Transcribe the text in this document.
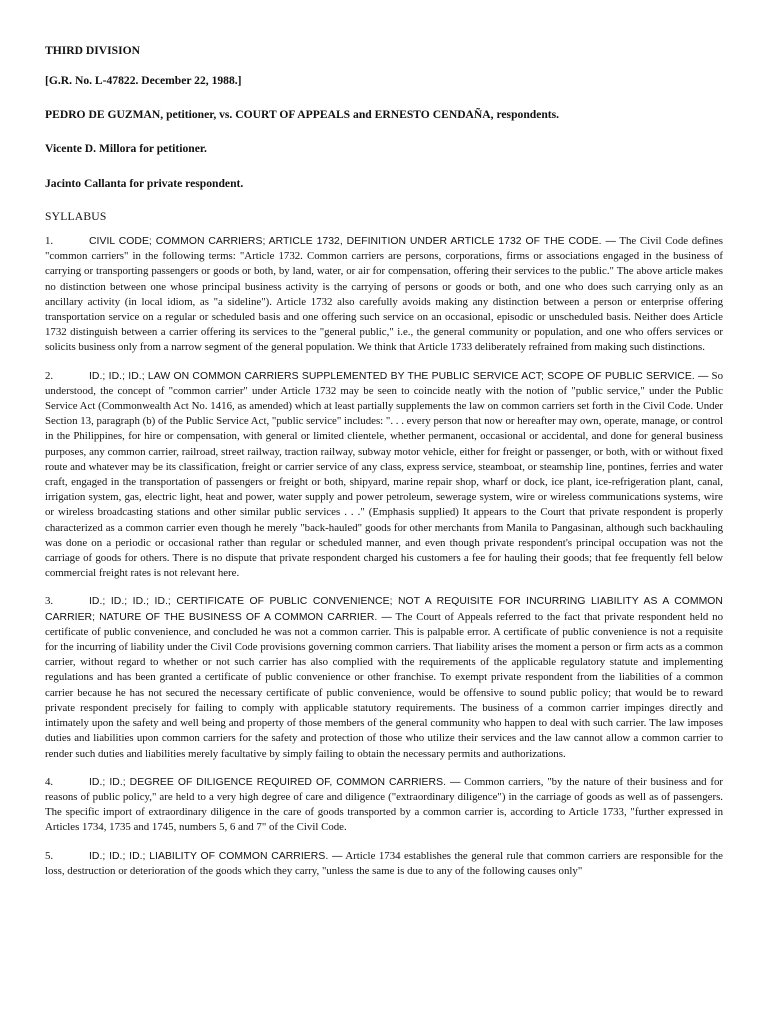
THIRD DIVISION

[G.R. No. L-47822. December 22, 1988.]

PEDRO DE GUZMAN, petitioner, vs. COURT OF APPEALS and ERNESTO CENDAÑA, respondents.

Vicente D. Millora for petitioner.

Jacinto Callanta for private respondent.

SYLLABUS

1.	CIVIL CODE; COMMON CARRIERS; ARTICLE 1732, DEFINITION UNDER ARTICLE 1732 OF THE CODE. — The Civil Code defines "common carriers" in the following terms: "Article 1732. Common carriers are persons, corporations, firms or associations engaged in the business of carrying or transporting passengers or goods or both, by land, water, or air for compensation, offering their services to the public." The above article makes no distinction between one whose principal business activity is the carrying of persons or goods or both, and one who does such carrying only as an ancillary activity (in local idiom, as "a sideline"). Article 1732 also carefully avoids making any distinction between a person or enterprise offering transportation service on a regular or scheduled basis and one offering such service on an occasional, episodic or unscheduled basis. Neither does Article 1732 distinguish between a carrier offering its services to the "general public," i.e., the general community or population, and one who offers services or solicits business only from a narrow segment of the general population. We think that Article 1733 deliberately refrained from making such distinctions.

2.	ID.; ID.; ID.; LAW ON COMMON CARRIERS SUPPLEMENTED BY THE PUBLIC SERVICE ACT; SCOPE OF PUBLIC SERVICE. — So understood, the concept of "common carrier" under Article 1732 may be seen to coincide neatly with the notion of "public service," under the Public Service Act (Commonwealth Act No. 1416, as amended) which at least partially supplements the law on common carriers set forth in the Civil Code. Under Section 13, paragraph (b) of the Public Service Act, "public service" includes: ". . . every person that now or hereafter may own, operate, manage, or control in the Philippines, for hire or compensation, with general or limited clientele, whether permanent, occasional or accidental, and done for general business purposes, any common carrier, railroad, street railway, traction railway, subway motor vehicle, either for freight or passenger, or both, with or without fixed route and whatever may be its classification, freight or carrier service of any class, express service, steamboat, or steamship line, pontines, ferries and water craft, engaged in the transportation of passengers or freight or both, shipyard, marine repair shop, wharf or dock, ice plant, ice-refrigeration plant, canal, irrigation system, gas, electric light, heat and power, water supply and power petroleum, sewerage system, wire or wireless communications systems, wire or wireless broadcasting stations and other similar public services . . ." (Emphasis supplied) It appears to the Court that private respondent is properly characterized as a common carrier even though he merely "back-hauled" goods for other merchants from Manila to Pangasinan, although such backhauling was done on a periodic or occasional rather than regular or scheduled manner, and even though private respondent's principal occupation was not the carriage of goods for others. There is no dispute that private respondent charged his customers a fee for hauling their goods; that fee frequently fell below commercial freight rates is not relevant here.

3.	ID.; ID.; ID.; ID.; CERTIFICATE OF PUBLIC CONVENIENCE; NOT A REQUISITE FOR INCURRING LIABILITY AS A COMMON CARRIER; NATURE OF THE BUSINESS OF A COMMON CARRIER. — The Court of Appeals referred to the fact that private respondent held no certificate of public convenience, and concluded he was not a common carrier. This is palpable error. A certificate of public convenience is not a requisite for the incurring of liability under the Civil Code provisions governing common carriers. That liability arises the moment a person or firm acts as a common carrier, without regard to whether or not such carrier has also complied with the requirements of the applicable regulatory statute and implementing regulations and has been granted a certificate of public convenience or other franchise. To exempt private respondent from the liabilities of a common carrier because he has not secured the necessary certificate of public convenience, would be offensive to sound public policy; that would be to reward private respondent precisely for failing to comply with applicable statutory requirements. The business of a common carrier impinges directly and intimately upon the safety and well being and property of those members of the general community who happen to deal with such carrier. The law imposes duties and liabilities upon common carriers for the safety and protection of those who utilize their services and the law cannot allow a common carrier to render such duties and liabilities merely facultative by simply failing to obtain the necessary permits and authorizations.

4.	ID.; ID.; DEGREE OF DILIGENCE REQUIRED OF, COMMON CARRIERS. — Common carriers, "by the nature of their business and for reasons of public policy," are held to a very high degree of care and diligence ("extraordinary diligence") in the carriage of goods as well as of passengers. The specific import of extraordinary diligence in the care of goods transported by a common carrier is, according to Article 1733, "further expressed in Articles 1734, 1735 and 1745, numbers 5, 6 and 7" of the Civil Code.

5.	ID.; ID.; ID.; LIABILITY OF COMMON CARRIERS. — Article 1734 establishes the general rule that common carriers are responsible for the loss, destruction or deterioration of the goods which they carry, "unless the same is due to any of the following causes only"
